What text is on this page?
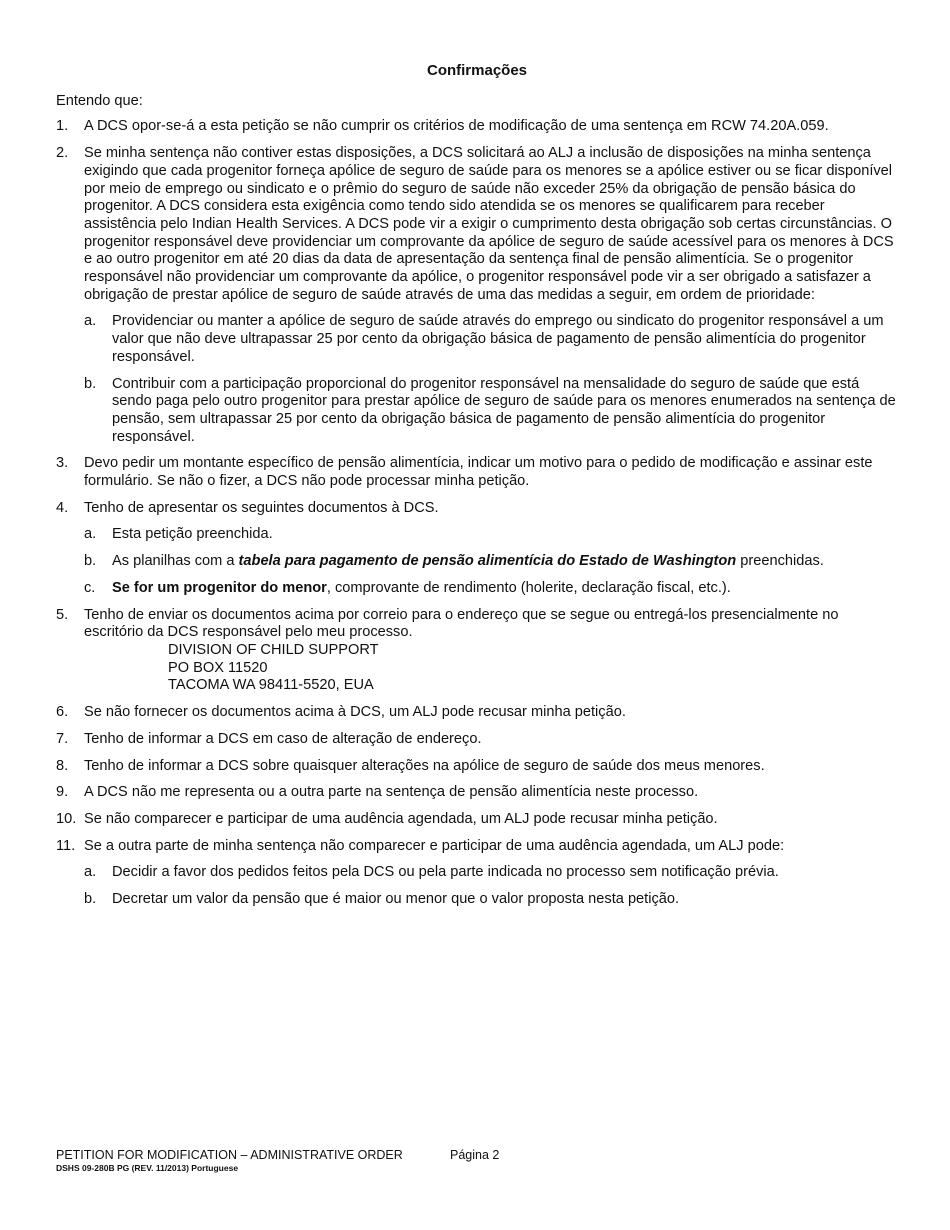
Confirmações
Entendo que:
1. A DCS opor-se-á a esta petição se não cumprir os critérios de modificação de uma sentença em RCW 74.20A.059.
2. Se minha sentença não contiver estas disposições, a DCS solicitará ao ALJ a inclusão de disposições na minha sentença exigindo que cada progenitor forneça apólice de seguro de saúde para os menores se a apólice estiver ou se ficar disponível por meio de emprego ou sindicato e o prêmio do seguro de saúde não exceder 25% da obrigação de pensão básica do progenitor. A DCS considera esta exigência como tendo sido atendida se os menores se qualificarem para receber assistência pelo Indian Health Services. A DCS pode vir a exigir o cumprimento desta obrigação sob certas circunstâncias. O progenitor responsável deve providenciar um comprovante da apólice de seguro de saúde acessível para os menores à DCS e ao outro progenitor em até 20 dias da data de apresentação da sentença final de pensão alimentícia. Se o progenitor responsável não providenciar um comprovante da apólice, o progenitor responsável pode vir a ser obrigado a satisfazer a obrigação de prestar apólice de seguro de saúde através de uma das medidas a seguir, em ordem de prioridade:
a. Providenciar ou manter a apólice de seguro de saúde através do emprego ou sindicato do progenitor responsável a um valor que não deve ultrapassar 25 por cento da obrigação básica de pagamento de pensão alimentícia do progenitor responsável.
b. Contribuir com a participação proporcional do progenitor responsável na mensalidade do seguro de saúde que está sendo paga pelo outro progenitor para prestar apólice de seguro de saúde para os menores enumerados na sentença de pensão, sem ultrapassar 25 por cento da obrigação básica de pagamento de pensão alimentícia do progenitor responsável.
3. Devo pedir um montante específico de pensão alimentícia, indicar um motivo para o pedido de modificação e assinar este formulário. Se não o fizer, a DCS não pode processar minha petição.
4. Tenho de apresentar os seguintes documentos à DCS.
a. Esta petição preenchida.
b. As planilhas com a tabela para pagamento de pensão alimentícia do Estado de Washington preenchidas.
c. Se for um progenitor do menor, comprovante de rendimento (holerite, declaração fiscal, etc.).
5. Tenho de enviar os documentos acima por correio para o endereço que se segue ou entregá-los presencialmente no escritório da DCS responsável pelo meu processo.
DIVISION OF CHILD SUPPORT
PO BOX 11520
TACOMA WA 98411-5520, EUA
6. Se não fornecer os documentos acima à DCS, um ALJ pode recusar minha petição.
7. Tenho de informar a DCS em caso de alteração de endereço.
8. Tenho de informar a DCS sobre quaisquer alterações na apólice de seguro de saúde dos meus menores.
9. A DCS não me representa ou a outra parte na sentença de pensão alimentícia neste processo.
10. Se não comparecer e participar de uma audência agendada, um ALJ pode recusar minha petição.
11. Se a outra parte de minha sentença não comparecer e participar de uma audência agendada, um ALJ pode:
a. Decidir a favor dos pedidos feitos pela DCS ou pela parte indicada no processo sem notificação prévia.
b. Decretar um valor da pensão que é maior ou menor que o valor proposta nesta petição.
PETITION FOR MODIFICATION – ADMINISTRATIVE ORDER	Página 2
DSHS 09-280B PG (REV. 11/2013) Portuguese
